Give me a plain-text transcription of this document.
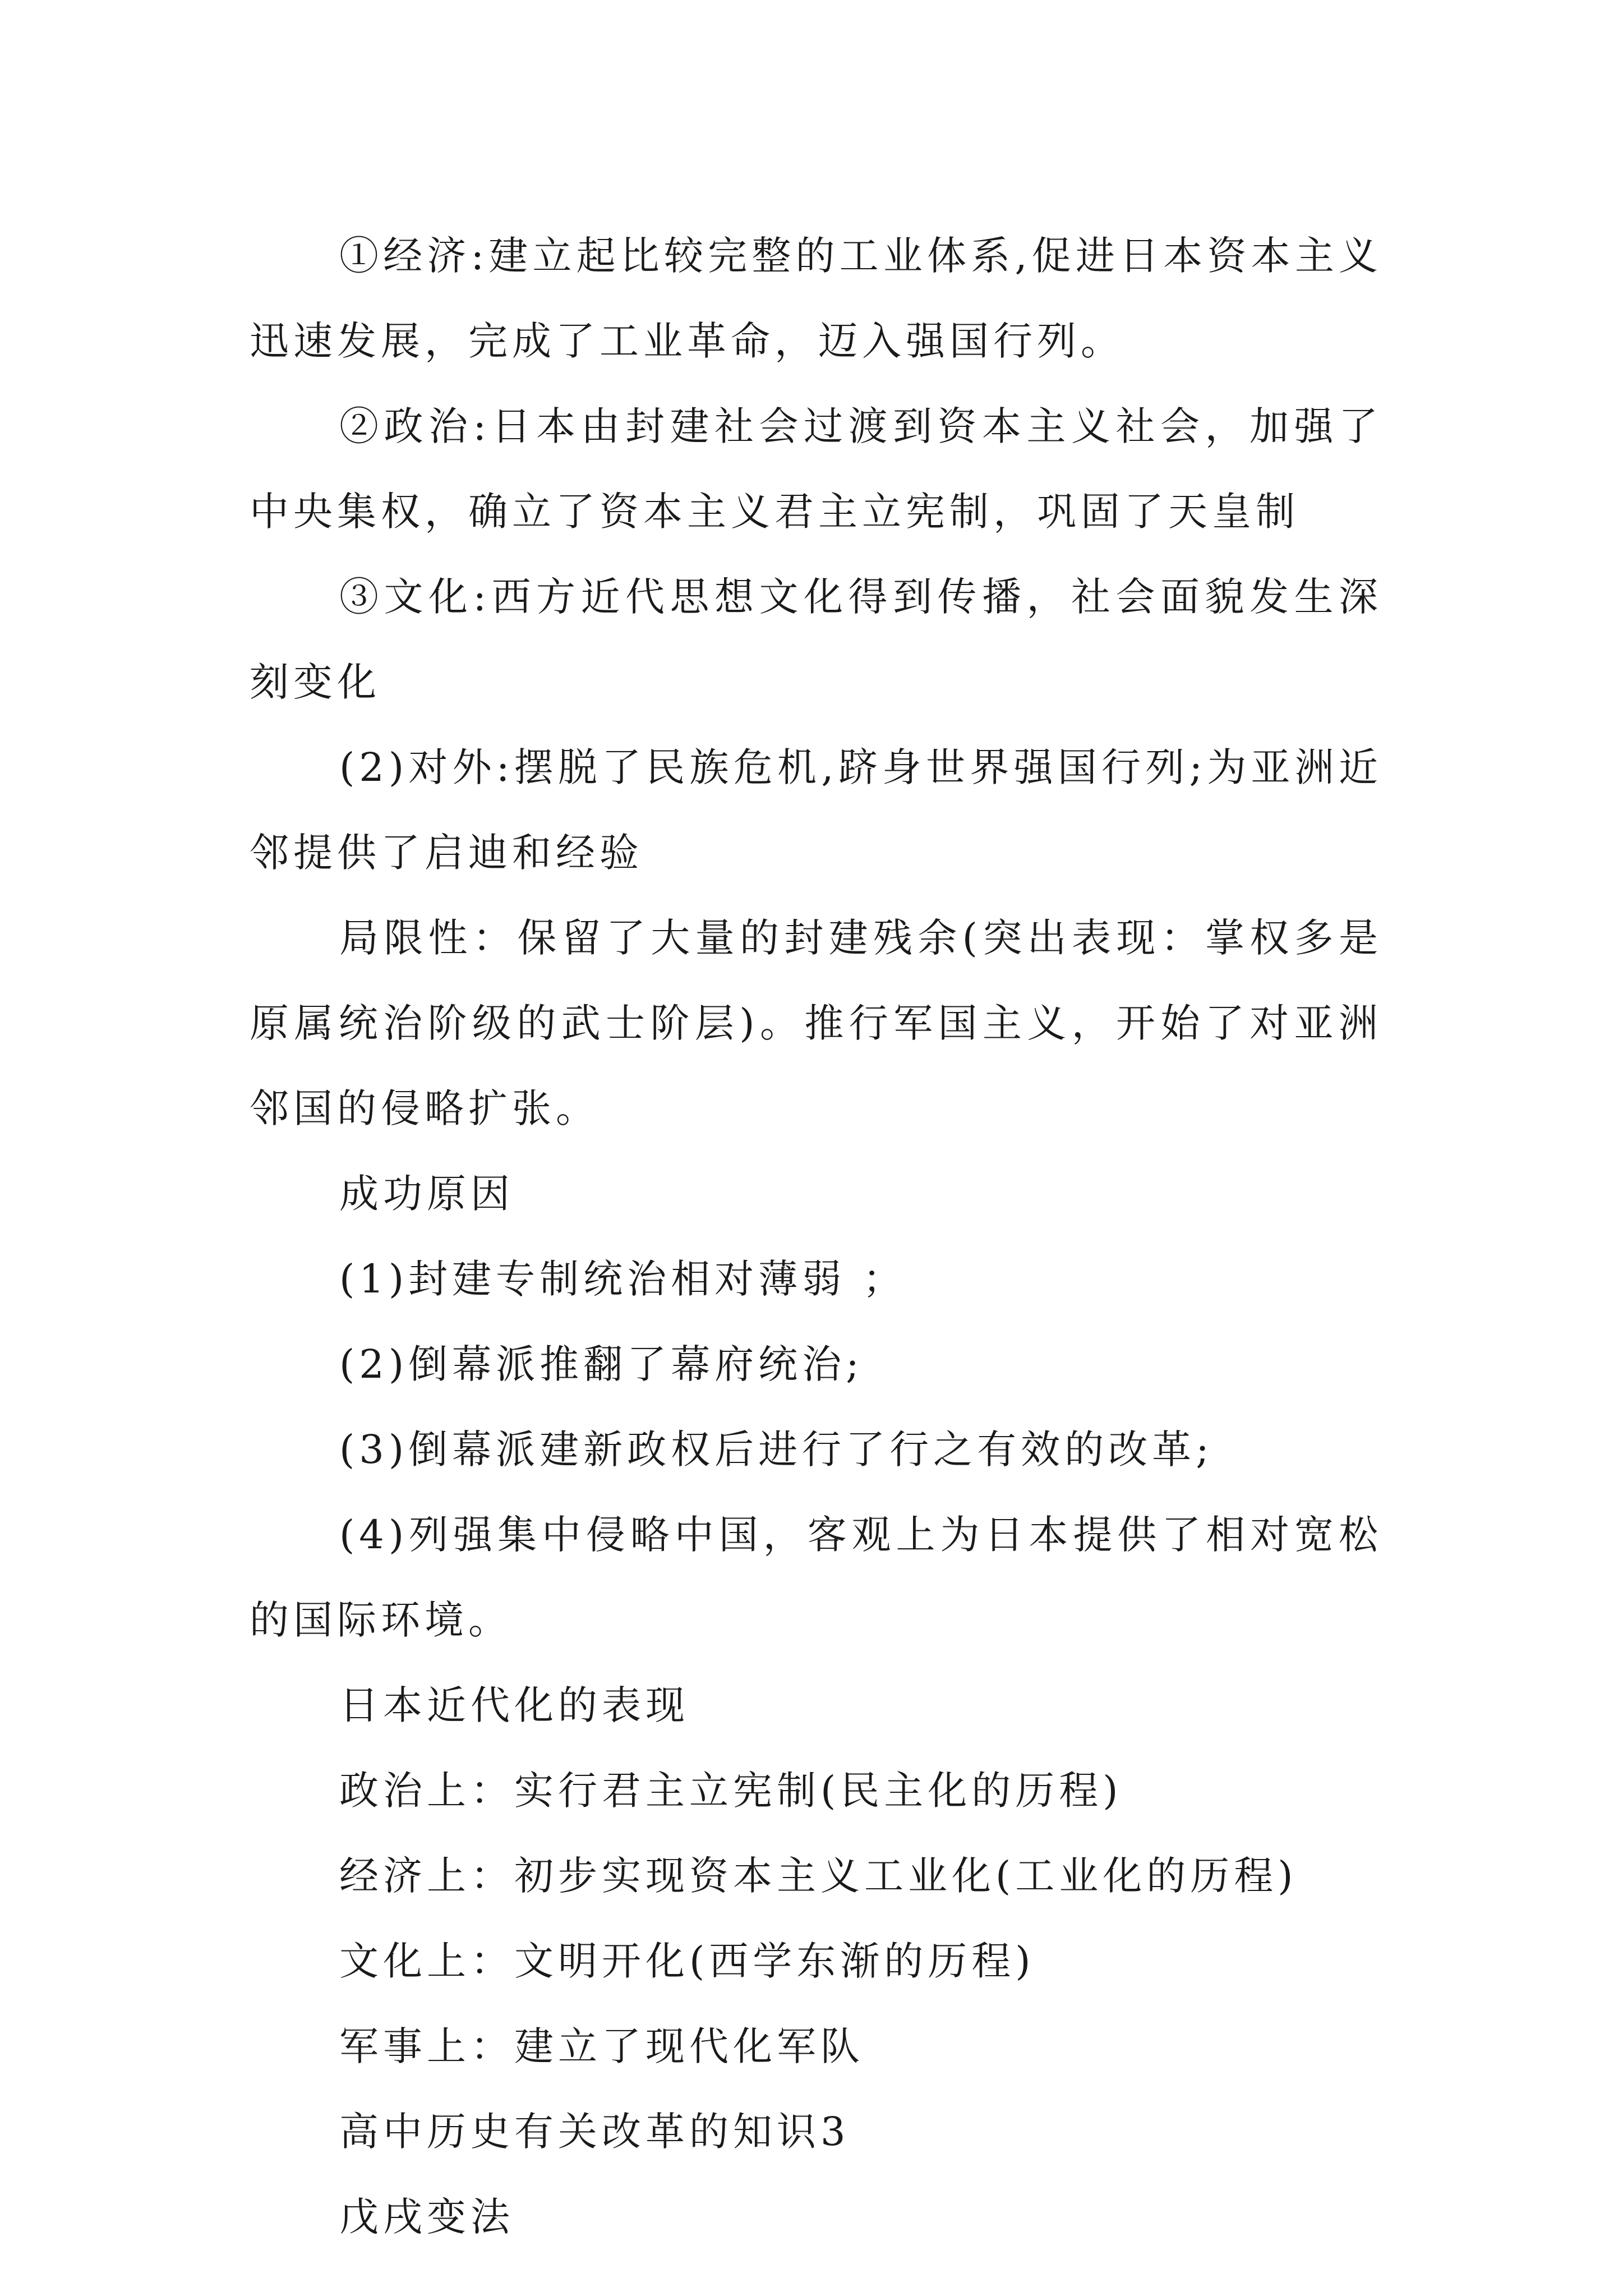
①经济:建立起比较完整的工业体系,促进日本资本主义迅速发展，完成了工业革命，迈入强国行列。

②政治:日本由封建社会过渡到资本主义社会，加强了中央集权，确立了资本主义君主立宪制，巩固了天皇制

③文化:西方近代思想文化得到传播，社会面貌发生深刻变化

(2)对外:摆脱了民族危机,跻身世界强国行列;为亚洲近邻提供了启迪和经验

局限性：保留了大量的封建残余(突出表现：掌权多是原属统治阶级的武士阶层)。推行军国主义，开始了对亚洲邻国的侵略扩张。

成功原因

(1)封建专制统治相对薄弱 ；

(2)倒幕派推翻了幕府统治;

(3)倒幕派建新政权后进行了行之有效的改革;

(4)列强集中侵略中国，客观上为日本提供了相对宽松的国际环境。

日本近代化的表现

政治上：实行君主立宪制(民主化的历程)

经济上：初步实现资本主义工业化(工业化的历程)

文化上：文明开化(西学东渐的历程)

军事上：建立了现代化军队

高中历史有关改革的知识3

戊戌变法
